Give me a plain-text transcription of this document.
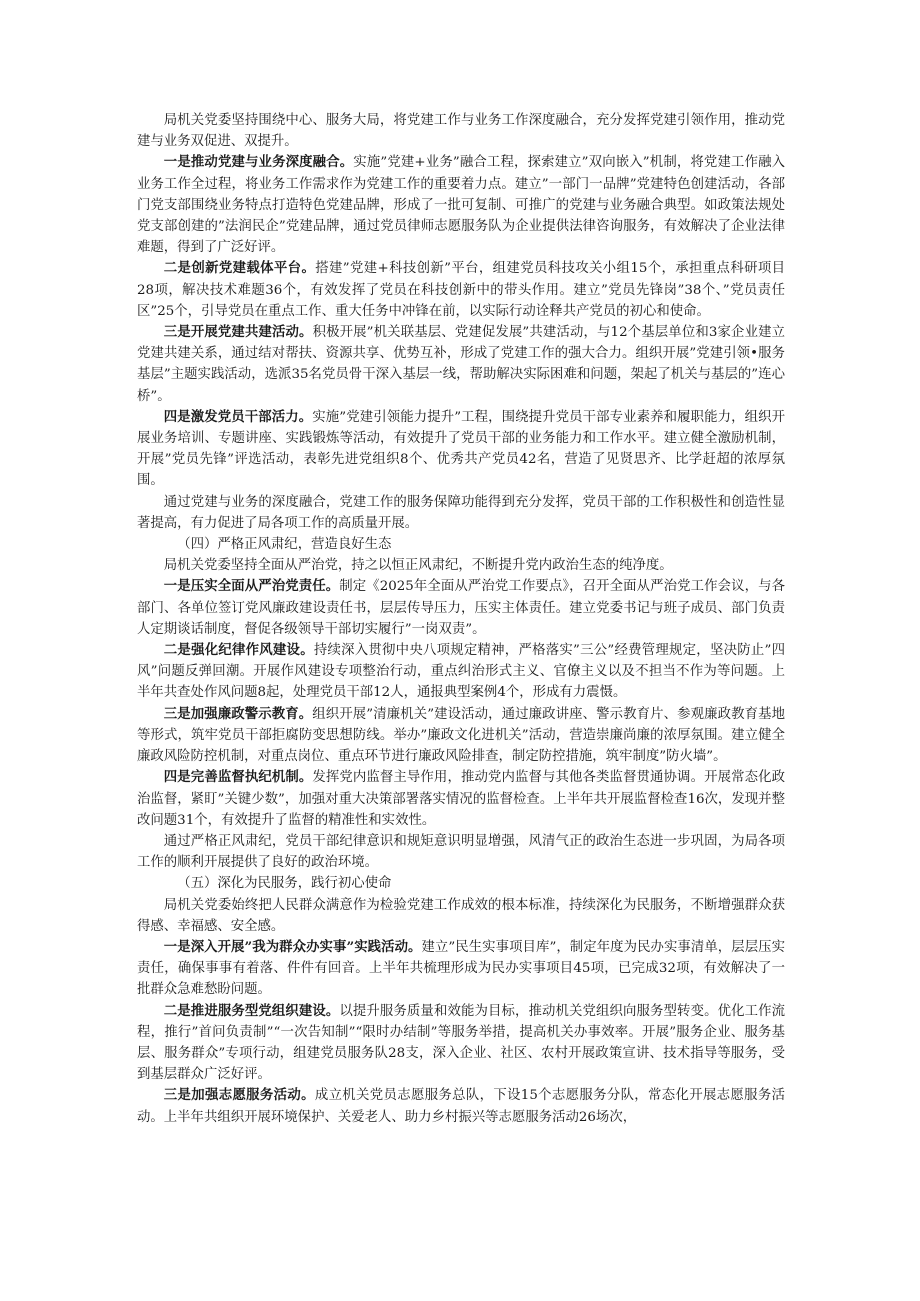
局机关党委坚持围绕中心、服务大局，将党建工作与业务工作深度融合，充分发挥党建引领作用，推动党建与业务双促进、双提升。

一是推动党建与业务深度融合。实施”党建+业务”融合工程，探索建立”双向嵌入”机制，将党建工作融入业务工作全过程，将业务工作需求作为党建工作的重要着力点。建立”一部门一品牌”党建特色创建活动，各部门党支部围绕业务特点打造特色党建品牌，形成了一批可复制、可推广的党建与业务融合典型。如政策法规处党支部创建的”法润民企”党建品牌，通过党员律师志愿服务队为企业提供法律咨询服务，有效解决了企业法律难题，得到了广泛好评。

二是创新党建载体平台。搭建”党建+科技创新”平台，组建党员科技攻关小组15个，承担重点科研项目28项，解决技术难题36个，有效发挥了党员在科技创新中的带头作用。建立”党员先锋岗”38个、”党员责任区”25个，引导党员在重点工作、重大任务中冲锋在前，以实际行动诠释共产党员的初心和使命。

三是开展党建共建活动。积极开展”机关联基层、党建促发展”共建活动，与12个基层单位和3家企业建立党建共建关系，通过结对帮扶、资源共享、优势互补，形成了党建工作的强大合力。组织开展”党建引领•服务基层”主题实践活动，选派35名党员骨干深入基层一线，帮助解决实际困难和问题，架起了机关与基层的”连心桥”。

四是激发党员干部活力。实施”党建引领能力提升”工程，围绕提升党员干部专业素养和履职能力，组织开展业务培训、专题讲座、实践锻炼等活动，有效提升了党员干部的业务能力和工作水平。建立健全激励机制，开展”党员先锋”评选活动，表彰先进党组织8个、优秀共产党员42名，营造了见贤思齐、比学赶超的浓厚氛围。

通过党建与业务的深度融合，党建工作的服务保障功能得到充分发挥，党员干部的工作积极性和创造性显著提高，有力促进了局各项工作的高质量开展。

（四）严格正风肃纪，营造良好生态

局机关党委坚持全面从严治党，持之以恒正风肃纪，不断提升党内政治生态的纯净度。

一是压实全面从严治党责任。制定《2025年全面从严治党工作要点》，召开全面从严治党工作会议，与各部门、各单位签订党风廉政建设责任书，层层传导压力，压实主体责任。建立党委书记与班子成员、部门负责人定期谈话制度，督促各级领导干部切实履行”一岗双责”。

二是强化纪律作风建设。持续深入贯彻中央八项规定精神，严格落实”三公”经费管理规定，坚决防止”四风”问题反弹回潮。开展作风建设专项整治行动，重点纠治形式主义、官僚主义以及不担当不作为等问题。上半年共查处作风问题8起，处理党员干部12人，通报典型案例4个，形成有力震慑。

三是加强廉政警示教育。组织开展”清廉机关”建设活动，通过廉政讲座、警示教育片、参观廉政教育基地等形式，筑牢党员干部拒腐防变思想防线。举办”廉政文化进机关”活动，营造崇廉尚廉的浓厚氛围。建立健全廉政风险防控机制，对重点岗位、重点环节进行廉政风险排查，制定防控措施，筑牢制度”防火墙”。

四是完善监督执纪机制。发挥党内监督主导作用，推动党内监督与其他各类监督贯通协调。开展常态化政治监督，紧盯”关键少数”，加强对重大决策部署落实情况的监督检查。上半年共开展监督检查16次，发现并整改问题31个，有效提升了监督的精准性和实效性。

通过严格正风肃纪，党员干部纪律意识和规矩意识明显增强，风清气正的政治生态进一步巩固，为局各项工作的顺利开展提供了良好的政治环境。

（五）深化为民服务，践行初心使命

局机关党委始终把人民群众满意作为检验党建工作成效的根本标准，持续深化为民服务，不断增强群众获得感、幸福感、安全感。

一是深入开展”我为群众办实事”实践活动。建立”民生实事项目库”，制定年度为民办实事清单，层层压实责任，确保事事有着落、件件有回音。上半年共梳理形成为民办实事项目45项，已完成32项，有效解决了一批群众急难愁盼问题。

二是推进服务型党组织建设。以提升服务质量和效能为目标，推动机关党组织向服务型转变。优化工作流程，推行”首问负责制”“一次告知制”“限时办结制”等服务举措，提高机关办事效率。开展”服务企业、服务基层、服务群众”专项行动，组建党员服务队28支，深入企业、社区、农村开展政策宣讲、技术指导等服务，受到基层群众广泛好评。

三是加强志愿服务活动。成立机关党员志愿服务总队，下设15个志愿服务分队，常态化开展志愿服务活动。上半年共组织开展环境保护、关爱老人、助力乡村振兴等志愿服务活动26场次，
